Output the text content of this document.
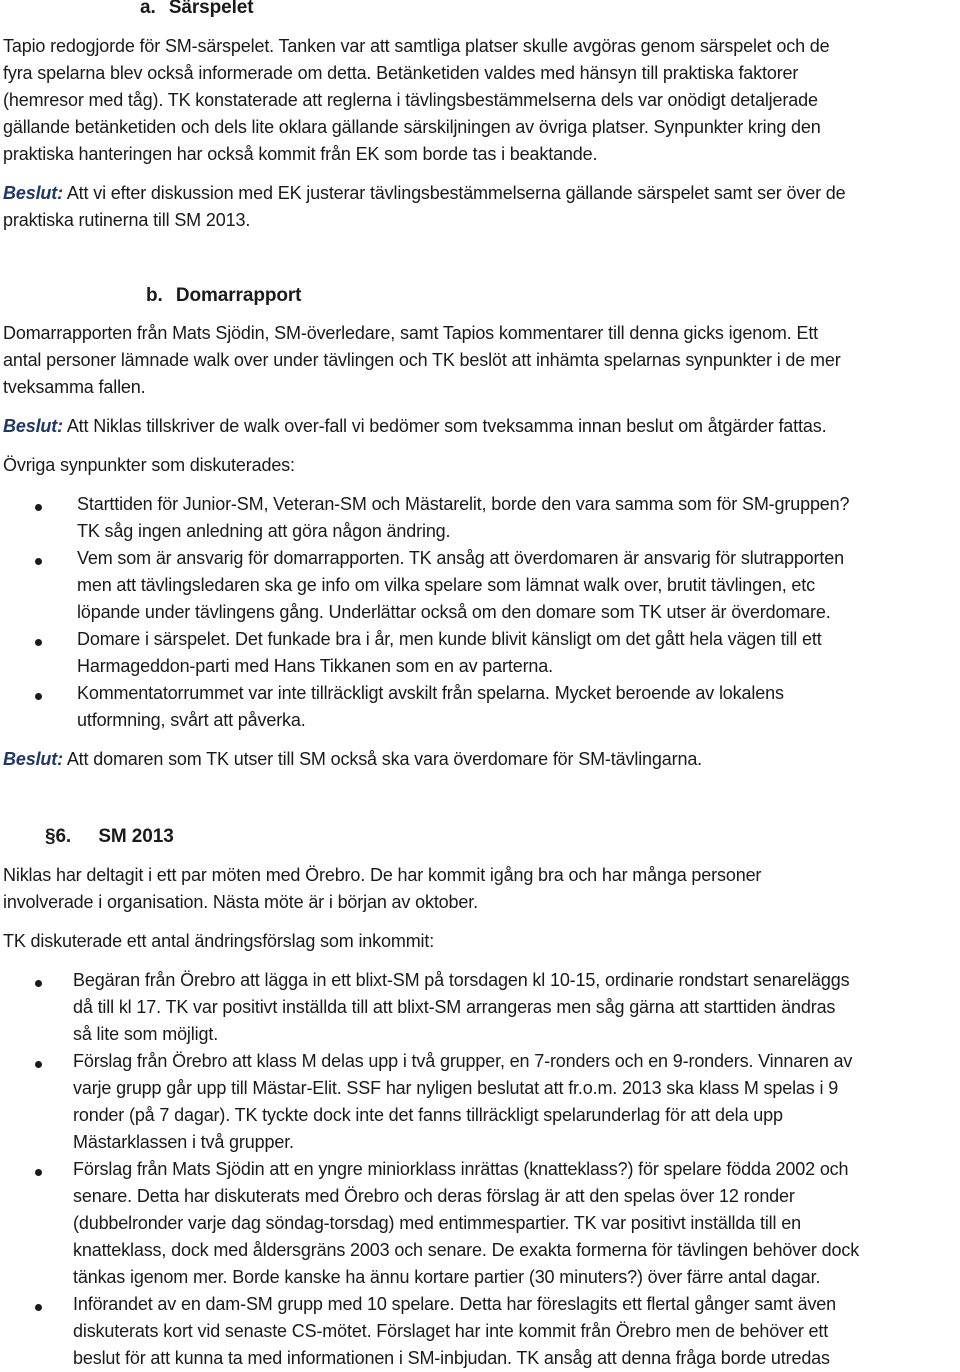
a. Särspelet

Tapio redogjorde för SM-särspelet. Tanken var att samtliga platser skulle avgöras genom särspelet och de

fyra spelarna blev också informerade om detta. Betänketiden valdes med hänsyn till praktiska faktorer

(hemresor med tåg). TK konstaterade att reglerna i tävlingsbestämmelserna dels var onödigt detaljerade

gällande betänketiden och dels lite oklara gällande särskiljningen av övriga platser. Synpunkter kring den

praktiska hanteringen har också kommit från EK som borde tas i beaktande.

Beslut: Att vi efter diskussion med EK justerar tävlingsbestämmelserna gällande särspelet samt ser över de

praktiska rutinerna till SM 2013.

b. Domarrapport

Domarrapporten från Mats Sjödin, SM-överledare, samt Tapios kommentarer till denna gicks igenom. Ett

antal personer lämnade walk over under tävlingen och TK beslöt att inhämta spelarnas synpunkter i de mer

tveksamma fallen.

Beslut: Att Niklas tillskriver de walk over-fall vi bedömer som tveksamma innan beslut om åtgärder fattas.

Övriga synpunkter som diskuterades:

Starttiden för Junior-SM, Veteran-SM och Mästarelit, borde den vara samma som för SM-gruppen?

TK såg ingen anledning att göra någon ändring.

Vem som är ansvarig för domarrapporten. TK ansåg att överdomaren är ansvarig för slutrapporten

men att tävlingsledaren ska ge info om vilka spelare som lämnat walk over, brutit tävlingen, etc

löpande under tävlingens gång. Underlättar också om den domare som TK utser är överdomare.

Domare i särspelet. Det funkade bra i år, men kunde blivit känsligt om det gått hela vägen till ett

Harmageddon-parti med Hans Tikkanen som en av parterna.

Kommentatorrummet var inte tillräckligt avskilt från spelarna. Mycket beroende av lokalens

utformning, svårt att påverka.

Beslut: Att domaren som TK utser till SM också ska vara överdomare för SM-tävlingarna.

§6. SM 2013

Niklas har deltagit i ett par möten med Örebro. De har kommit igång bra och har många personer

involverade i organisation. Nästa möte är i början av oktober.

TK diskuterade ett antal ändringsförslag som inkommit:

Begäran från Örebro att lägga in ett blixt-SM på torsdagen kl 10-15, ordinarie rondstart senareläggs

då till kl 17. TK var positivt inställda till att blixt-SM arrangeras men såg gärna att starttiden ändras

så lite som möjligt.

Förslag från Örebro att klass M delas upp i två grupper, en 7-ronders och en 9-ronders. Vinnaren av

varje grupp går upp till Mästar-Elit. SSF har nyligen beslutat att fr.o.m. 2013 ska klass M spelas i 9

ronder (på 7 dagar). TK tyckte dock inte det fanns tillräckligt spelarunderlag för att dela upp

Mästarklassen i två grupper.

Förslag från Mats Sjödin att en yngre miniorklass inrättas (knatteklass?) för spelare födda 2002 och

senare. Detta har diskuterats med Örebro och deras förslag är att den spelas över 12 ronder

(dubbelronder varje dag söndag-torsdag) med entimmespartier. TK var positivt inställda till en

knatteklass, dock med åldersgräns 2003 och senare. De exakta formerna för tävlingen behöver dock

tänkas igenom mer. Borde kanske ha ännu kortare partier (30 minuters?) över färre antal dagar.

Införandet av en dam-SM grupp med 10 spelare. Detta har föreslagits ett flertal gånger samt även

diskuterats kort vid senaste CS-mötet. Förslaget har inte kommit från Örebro men de behöver ett

beslut för att kunna ta med informationen i SM-inbjudan. TK ansåg att denna fråga borde utredas
